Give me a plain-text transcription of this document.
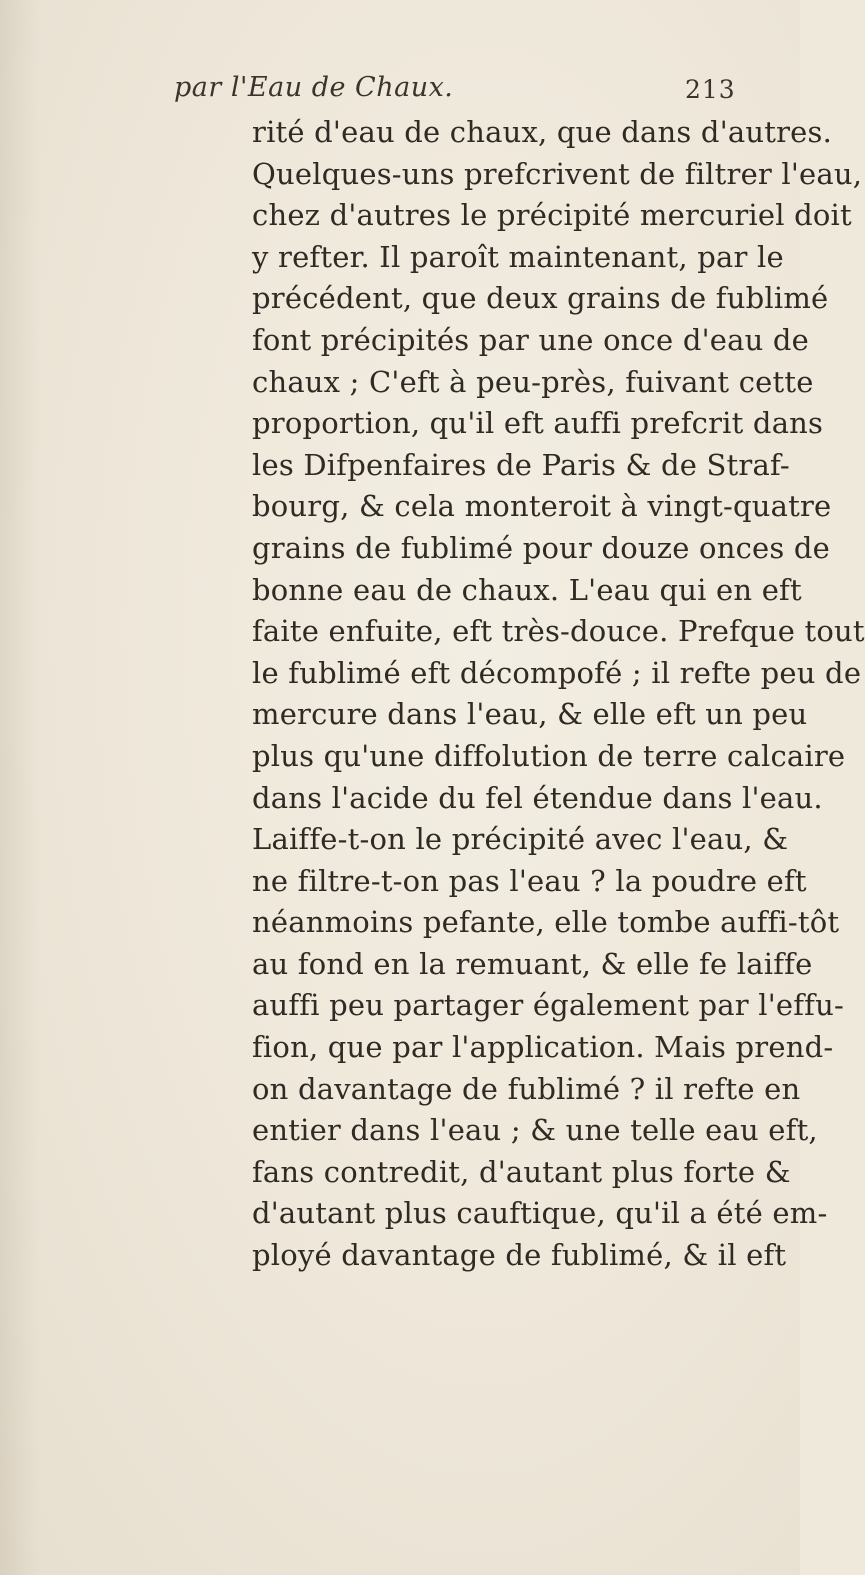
par l'Eau de Chaux.	213
rité d'eau de chaux, que dans d'autres.
Quelques-uns prefcrivent de filtrer l'eau,
chez d'autres le précipité mercuriel doit
y refter. Il paroît maintenant, par le
précédent, que deux grains de fublimé
font précipités par une once d'eau de
chaux ; C'eft à peu-près, fuivant cette
proportion, qu'il eft auffi prefcrit dans
les Difpenfaires de Paris & de Straf-
bourg, & cela monteroit à vingt-quatre
grains de fublimé pour douze onces de
bonne eau de chaux. L'eau qui en eft
faite enfuite, eft très-douce. Prefque tout
le fublimé eft décompofé ; il refte peu de
mercure dans l'eau, & elle eft un peu
plus qu'une diffolution de terre calcaire
dans l'acide du fel étendue dans l'eau.
Laiffe-t-on le précipité avec l'eau, &
ne filtre-t-on pas l'eau ? la poudre eft
néanmoins pefante, elle tombe auffi-tôt
au fond en la remuant, & elle fe laiffe
auffi peu partager également par l'effu-
fion, que par l'application. Mais prend-
on davantage de fublimé ? il refte en
entier dans l'eau ; & une telle eau eft,
fans contredit, d'autant plus forte &
d'autant plus cauftique, qu'il a été em-
ployé davantage de fublimé, & il eft
